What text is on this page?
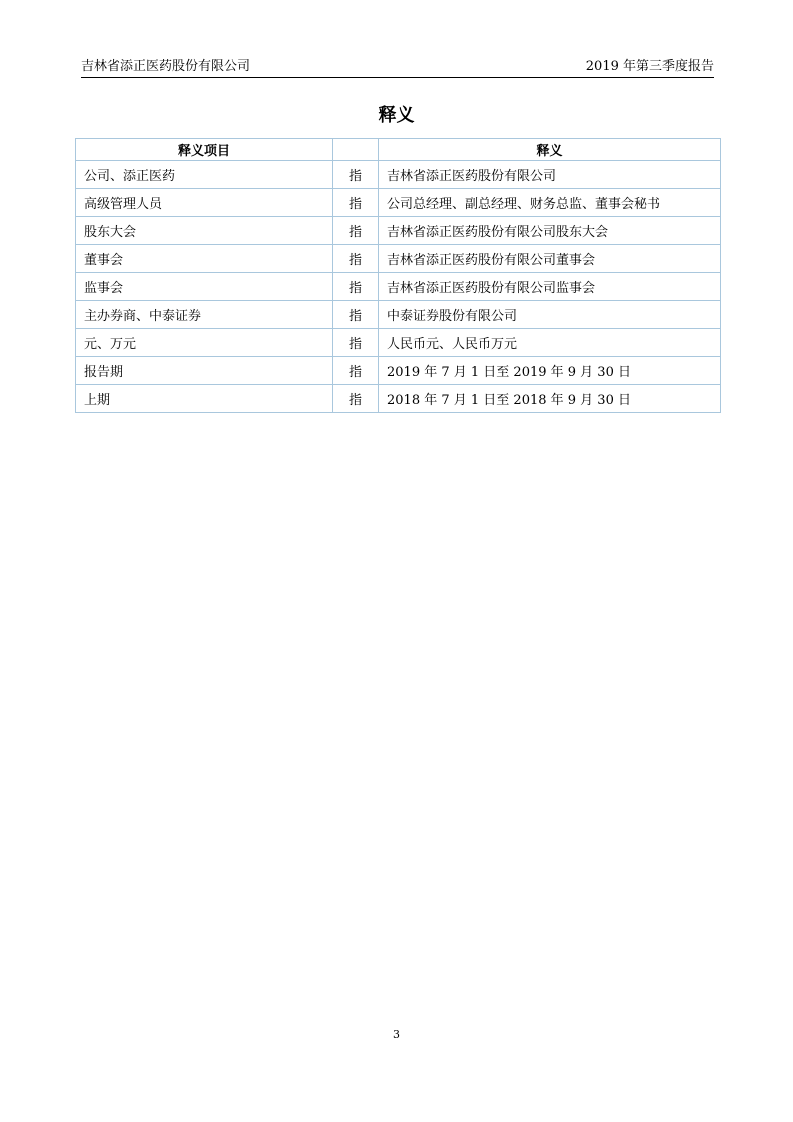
吉林省添正医药股份有限公司	2019 年第三季度报告
释义
释义项目		释义
公司、添正医药	指	吉林省添正医药股份有限公司
高级管理人员	指	公司总经理、副总经理、财务总监、董事会秘书
股东大会	指	吉林省添正医药股份有限公司股东大会
董事会	指	吉林省添正医药股份有限公司董事会
监事会	指	吉林省添正医药股份有限公司监事会
主办券商、中泰证券	指	中泰证券股份有限公司
元、万元	指	人民币元、人民币万元
报告期	指	2019 年 7 月 1 日至 2019 年 9 月 30 日
上期	指	2018 年 7 月 1 日至 2018 年 9 月 30 日
3
